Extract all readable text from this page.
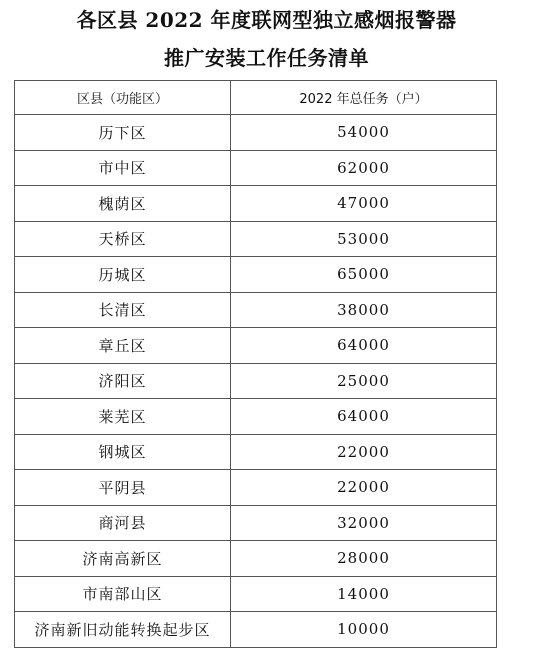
各区县 2022 年度联网型独立感烟报警器
推广安装工作任务清单
区县（功能区）	2022 年总任务（户）
历下区	54000
市中区	62000
槐荫区	47000
天桥区	53000
历城区	65000
长清区	38000
章丘区	64000
济阳区	25000
莱芜区	64000
钢城区	22000
平阴县	22000
商河县	32000
济南高新区	28000
市南部山区	14000
济南新旧动能转换起步区	10000
